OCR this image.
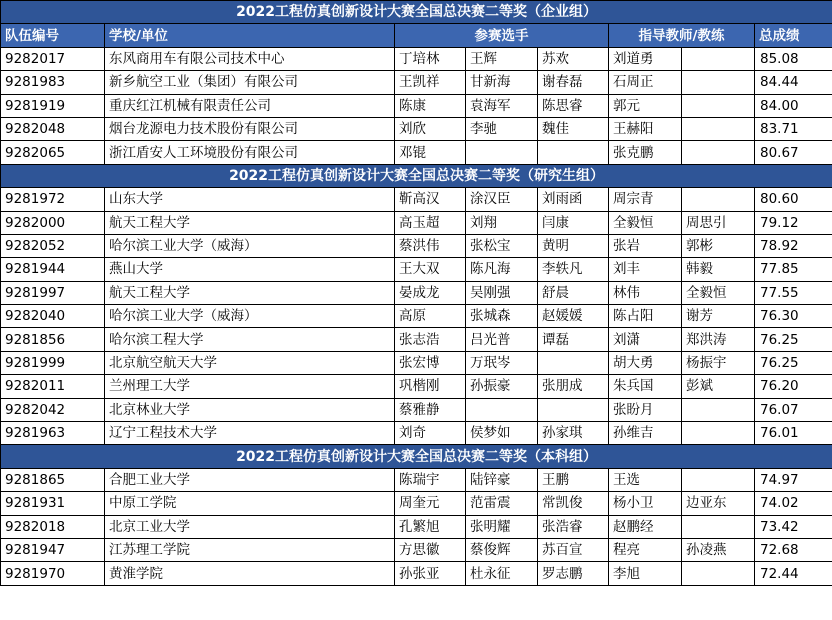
2022工程仿真创新设计大赛全国总决赛二等奖（企业组）							
队伍编号	学校/单位	参赛选手			指导教师/教练		总成绩
9282017	东风商用车有限公司技术中心	丁培林	王辉	苏欢	刘道勇		85.08
9281983	新乡航空工业（集团）有限公司	王凯祥	甘新海	谢春磊	石周正		84.44
9281919	重庆红江机械有限责任公司	陈康	袁海军	陈思睿	郭元		84.00
9282048	烟台龙源电力技术股份有限公司	刘欣	李驰	魏佳	王赫阳		83.71
9282065	浙江盾安人工环境股份有限公司	邓锟			张克鹏		80.67
2022工程仿真创新设计大赛全国总决赛二等奖（研究生组）							
9281972	山东大学	靳高汉	涂汉臣	刘雨函	周宗青		80.60
9282000	航天工程大学	高玉超	刘翔	闫康	全毅恒	周思引	79.12
9282052	哈尔滨工业大学（威海）	蔡洪伟	张松宝	黄明	张岩	郭彬	78.92
9281944	燕山大学	王大双	陈凡海	李轶凡	刘丰	韩毅	77.85
9281997	航天工程大学	晏成龙	吴刚强	舒晨	林伟	全毅恒	77.55
9282040	哈尔滨工业大学（威海）	高原	张城森	赵媛媛	陈占阳	谢芳	76.30
9281856	哈尔滨工程大学	张志浩	吕光普	谭磊	刘潇	郑洪涛	76.25
9281999	北京航空航天大学	张宏博	万珉岑		胡大勇	杨振宇	76.25
9282011	兰州理工大学	巩楷刚	孙振豪	张朋成	朱兵国	彭斌	76.20
9282042	北京林业大学	蔡雅静			张盼月		76.07
9281963	辽宁工程技术大学	刘奇	侯梦如	孙家琪	孙维吉		76.01
2022工程仿真创新设计大赛全国总决赛二等奖（本科组）							
9281865	合肥工业大学	陈瑞宇	陆锌豪	王鹏	王选		74.97
9281931	中原工学院	周奎元	范雷震	常凯俊	杨小卫	边亚东	74.02
9282018	北京工业大学	孔繁旭	张明耀	张浩睿	赵鹏经		73.42
9281947	江苏理工学院	方思徽	蔡俊辉	苏百宣	程亮	孙凌燕	72.68
9281970	黄淮学院	孙张亚	杜永征	罗志鹏	李旭		72.44
